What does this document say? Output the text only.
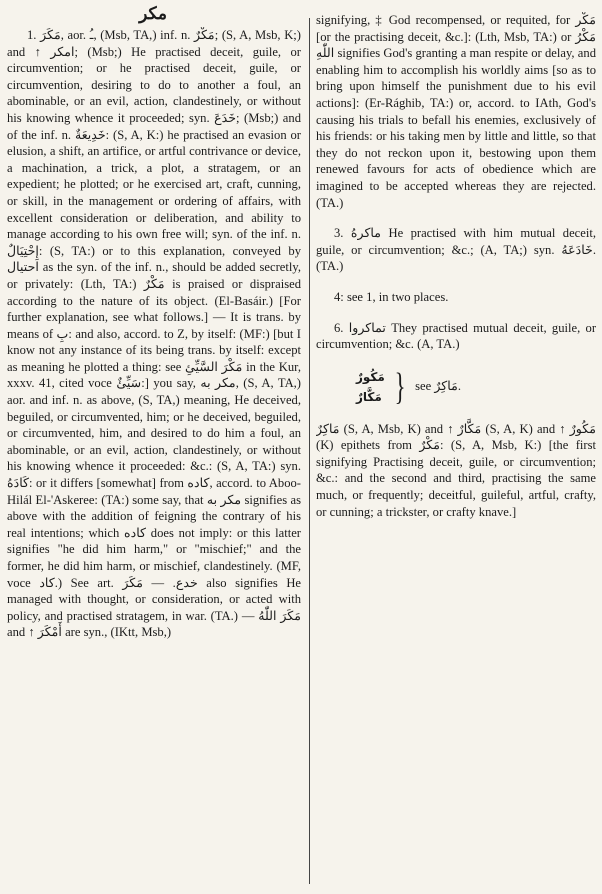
مكر

1. مَكَرَ, aor. ـُ, (Msb, TA,) inf. n. مَكْرٌ; (S, A, Msb, K;) and ↑ امكر; (Msb;) He practised deceit, guile, or circumvention; or he practised deceit, guile, or circumvention, desiring to do to another a foul, an abominable, or an evil, action, clandestinely, or without his knowing whence it proceeded; syn. خَدَعَ; (Msb;) and of the inf. n. خَدِيعَةٌ: (S, A, K:) he practised an evasion or elusion, a shift, an artifice, or artful contrivance or device, a machination, a trick, a plot, a stratagem, or an expedient; he plotted; or he exercised art, craft, cunning, or skill, in the management or ordering of affairs, with excellent consideration or deliberation, and ability to manage according to his own free will; syn. of the inf. n. إِحْتِيَالٌ: (S, TA:) or to this explanation, conveyed by احتيال as the syn. of the inf. n., should be added secretly, or privately: (Lth, TA:) مَكْرٌ is praised or dispraised according to the nature of its object. (El-Basáir.) [For further explanation, see what follows.] — It is trans. by means of بِ: and also, accord. to Z, by itself: (MF:) [but I know not any instance of its being trans. by itself: except as meaning he plotted a thing: see مَكْرَ السَّيِّئِ in the Kur, xxxv. 41, cited voce سَيِّئٌ:] you say, مكر به, (S, A, TA,) aor. and inf. n. as above, (S, TA,) meaning, He deceived, beguiled, or circumvented, him; or he deceived, beguiled, or circumvented, him, and desired to do him a foul, an abominable, or an evil, action, clandestinely, or without his knowing whence it proceeded: &c.: (S, A, TA:) syn. كَادَهُ: or it differs [somewhat] from كاده, accord. to Aboo-Hilál El-'Askeree: (TA:) some say, that مكر به signifies as above with the addition of feigning the contrary of his real intentions; which كاده does not imply: or this latter signifies "he did him harm," or "mischief;" and the former, he did him harm, or mischief, clandestinely. (MF, voce كاد.) See art. خدع. — مَكَرَ also signifies He managed with thought, or consideration, or acted with policy, and practised stratagem, in war. (TA.) — مَكَرَ اللّٰهُ and ↑ أَمْكَرَ are syn., (IKtt, Msb,)

signifying, ‡ God recompensed, or requited, for مَكْر [or the practising deceit, &c.]: (Lth, Msb, TA:) or مَكْرُ اللّٰهِ signifies God's granting a man respite or delay, and enabling him to accomplish his worldly aims [so as to bring upon himself the punishment due to his evil actions]: (Er-Rághib, TA:) or, accord. to IAth, God's causing his trials to befall his enemies, exclusively of his friends: or his taking men by little and little, so that they do not reckon upon it, bestowing upon them renewed favours for acts of obedience which are imagined to be accepted whereas they are rejected. (TA.)

3. ماكرهُ He practised with him mutual deceit, guile, or circumvention; &c.; (A, TA;) syn. خَادَعَهُ. (TA.)

4: see 1, in two places.

6. تماكروا They practised mutual deceit, guile, or circumvention; &c. (A, TA.)

مَكُورٌ
مَكَّارٌ } see مَاكِرٌ.

مَاكِرٌ (S, A, Msb, K) and ↑ مَكَّارٌ (S, A, K) and ↑ مَكُورٌ (K) epithets from مَكْرٌ: (S, A, Msb, K:) [the first signifying Practising deceit, guile, or circumvention; &c.: and the second and third, practising the same much, or frequently; deceitful, guileful, artful, crafty, or cunning; a trickster, or crafty knave.]
